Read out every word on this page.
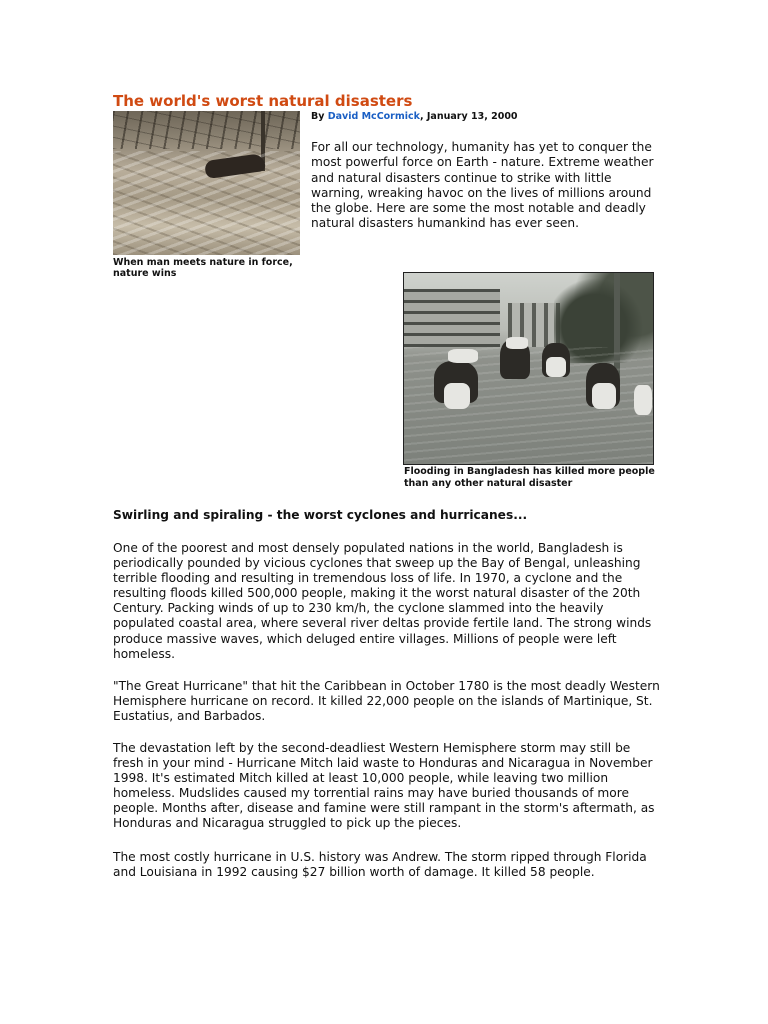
The world's worst natural disasters

When man meets nature in force, nature wins

By David McCormick, January 13, 2000

For all our technology, humanity has yet to conquer the most powerful force on Earth - nature. Extreme weather and natural disasters continue to strike with little warning, wreaking havoc on the lives of millions around the globe. Here are some the most notable and deadly natural disasters humankind has ever seen.

Flooding in Bangladesh has killed more people than any other natural disaster

Swirling and spiraling - the worst cyclones and hurricanes...

One of the poorest and most densely populated nations in the world, Bangladesh is periodically pounded by vicious cyclones that sweep up the Bay of Bengal, unleashing terrible flooding and resulting in tremendous loss of life. In 1970, a cyclone and the resulting floods killed 500,000 people, making it the worst natural disaster of the 20th Century. Packing winds of up to 230 km/h, the cyclone slammed into the heavily populated coastal area, where several river deltas provide fertile land. The strong winds produce massive waves, which deluged entire villages. Millions of people were left homeless.

"The Great Hurricane" that hit the Caribbean in October 1780 is the most deadly Western Hemisphere hurricane on record. It killed 22,000 people on the islands of Martinique, St. Eustatius, and Barbados.

The devastation left by the second-deadliest Western Hemisphere storm may still be fresh in your mind - Hurricane Mitch laid waste to Honduras and Nicaragua in November 1998. It's estimated Mitch killed at least 10,000 people, while leaving two million homeless. Mudslides caused my torrential rains may have buried thousands of more people. Months after, disease and famine were still rampant in the storm's aftermath, as Honduras and Nicaragua struggled to pick up the pieces.

The most costly hurricane in U.S. history was Andrew. The storm ripped through Florida and Louisiana in 1992 causing $27 billion worth of damage. It killed 58 people.
